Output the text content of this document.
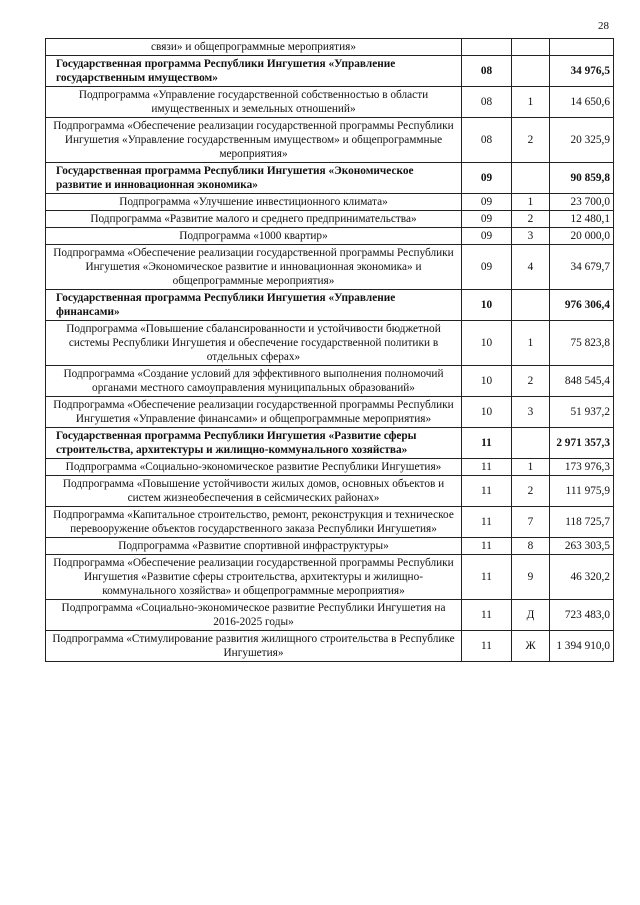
28
связи» и общепрограммные мероприятия»			
Государственная программа Республики Ингушетия «Управление государственным имуществом»	08		34 976,5
Подпрограмма «Управление государственной собственностью в области имущественных и земельных отношений»	08	1	14 650,6
Подпрограмма «Обеспечение реализации государственной программы Республики Ингушетия «Управление государственным имуществом» и общепрограммные мероприятия»	08	2	20 325,9
Государственная программа Республики Ингушетия «Экономическое развитие и инновационная экономика»	09		90 859,8
Подпрограмма «Улучшение инвестиционного климата»	09	1	23 700,0
Подпрограмма «Развитие малого и среднего предпринимательства»	09	2	12 480,1
Подпрограмма «1000 квартир»	09	3	20 000,0
Подпрограмма «Обеспечение реализации государственной программы Республики Ингушетия «Экономическое развитие и инновационная экономика» и общепрограммные мероприятия»	09	4	34 679,7
Государственная программа Республики Ингушетия «Управление финансами»	10		976 306,4
Подпрограмма «Повышение сбалансированности и устойчивости бюджетной системы Республики Ингушетия и обеспечение государственной политики в отдельных сферах»	10	1	75 823,8
Подпрограмма «Создание условий для эффективного выполнения полномочий органами местного самоуправления муниципальных образований»	10	2	848 545,4
Подпрограмма «Обеспечение реализации государственной программы Республики Ингушетия «Управление финансами» и общепрограммные мероприятия»	10	3	51 937,2
Государственная программа Республики Ингушетия «Развитие сферы строительства, архитектуры и жилищно-коммунального хозяйства»	11		2 971 357,3
Подпрограмма «Социально-экономическое развитие Республики Ингушетия»	11	1	173 976,3
Подпрограмма «Повышение устойчивости жилых домов, основных объектов и систем жизнеобеспечения в сейсмических районах»	11	2	111 975,9
Подпрограмма «Капитальное строительство, ремонт, реконструкция и техническое перевооружение объектов государственного заказа Республики Ингушетия»	11	7	118 725,7
Подпрограмма «Развитие спортивной инфраструктуры»	11	8	263 303,5
Подпрограмма «Обеспечение реализации государственной программы Республики Ингушетия «Развитие сферы строительства, архитектуры и жилищно-коммунального хозяйства» и общепрограммные мероприятия»	11	9	46 320,2
Подпрограмма «Социально-экономическое развитие Республики Ингушетия на 2016-2025 годы»	11	Д	723 483,0
Подпрограмма «Стимулирование развития жилищного строительства в Республике Ингушетия»	11	Ж	1 394 910,0
